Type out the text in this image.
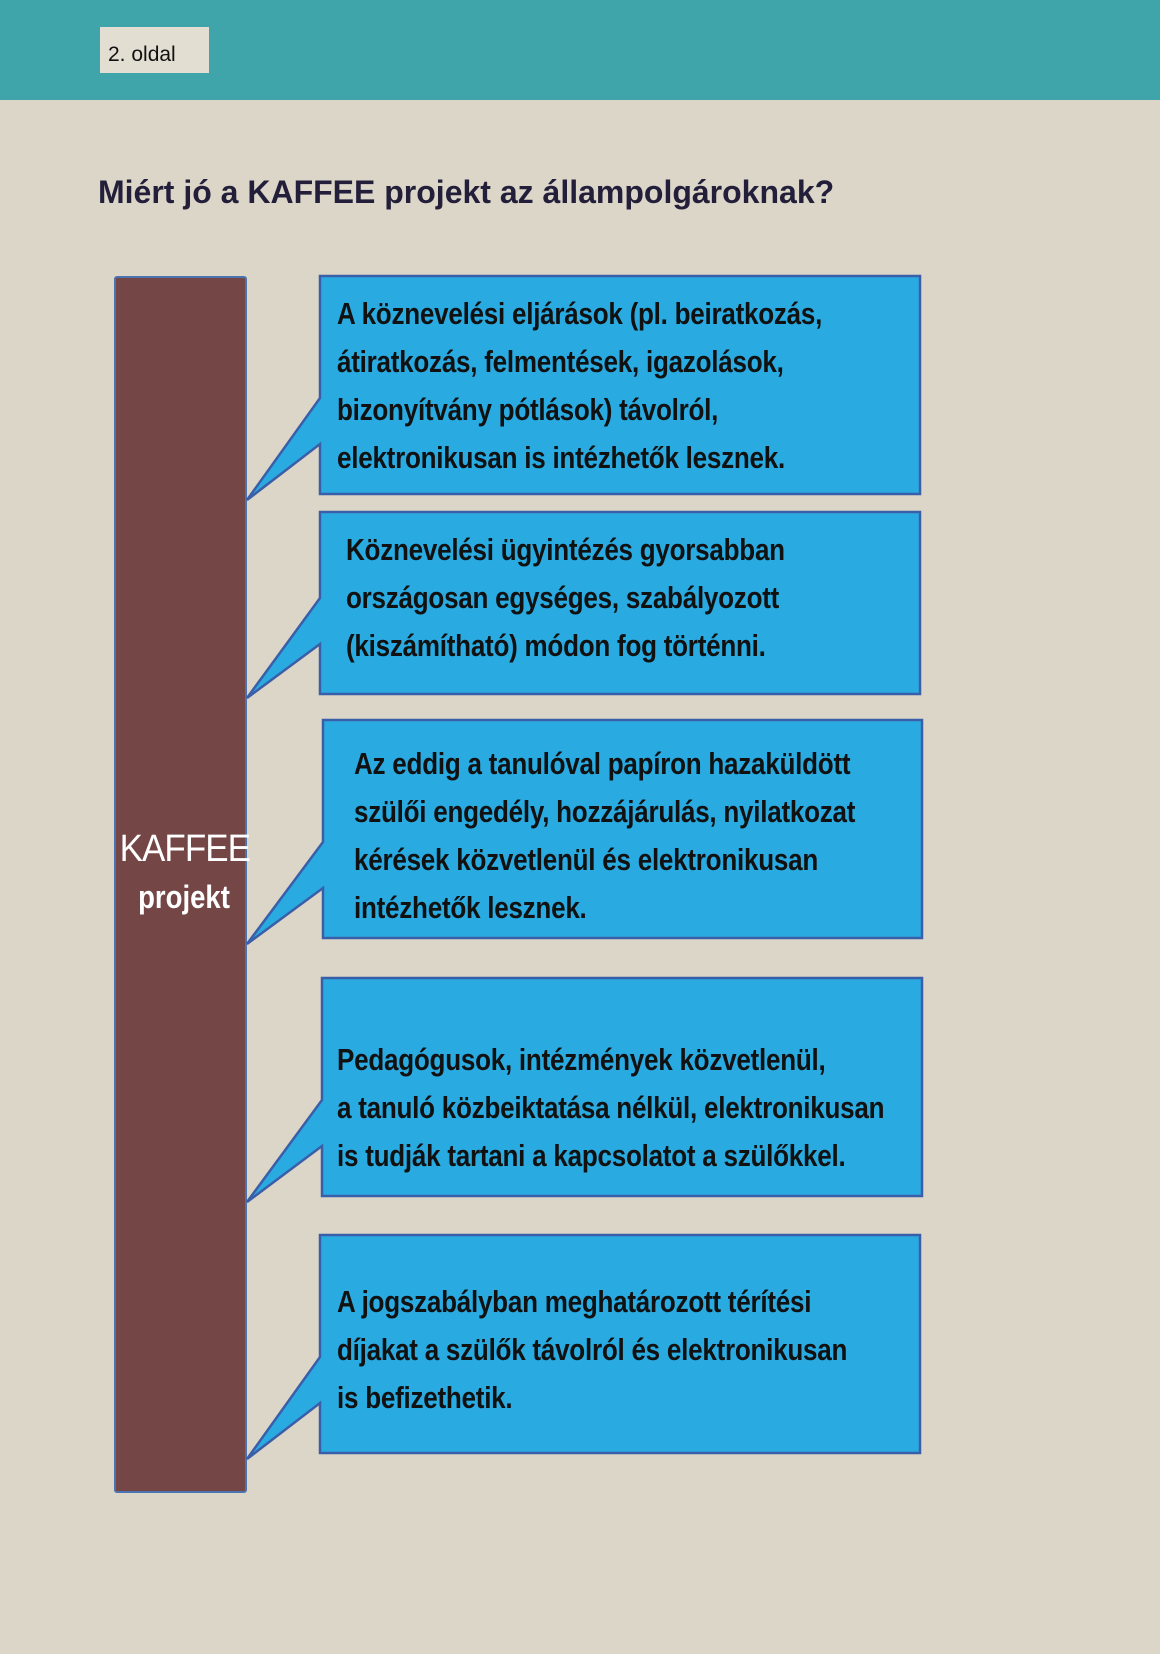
2. oldal
Miért jó a KAFFEE projekt az állampolgároknak?
KAFFEE
projekt
A köznevelési eljárások (pl. beiratkozás,
átiratkozás, felmentések, igazolások,
bizonyítvány pótlások) távolról,
elektronikusan is intézhetők lesznek.
Köznevelési ügyintézés gyorsabban
országosan egységes, szabályozott
(kiszámítható) módon fog történni.
Az eddig a tanulóval papíron hazaküldött
szülői engedély, hozzájárulás, nyilatkozat
kérések közvetlenül és elektronikusan
intézhetők lesznek.
Pedagógusok, intézmények közvetlenül,
a tanuló közbeiktatása nélkül, elektronikusan
is tudják tartani a kapcsolatot a szülőkkel.
A jogszabályban meghatározott térítési
díjakat a szülők távolról és elektronikusan
is befizethetik.
